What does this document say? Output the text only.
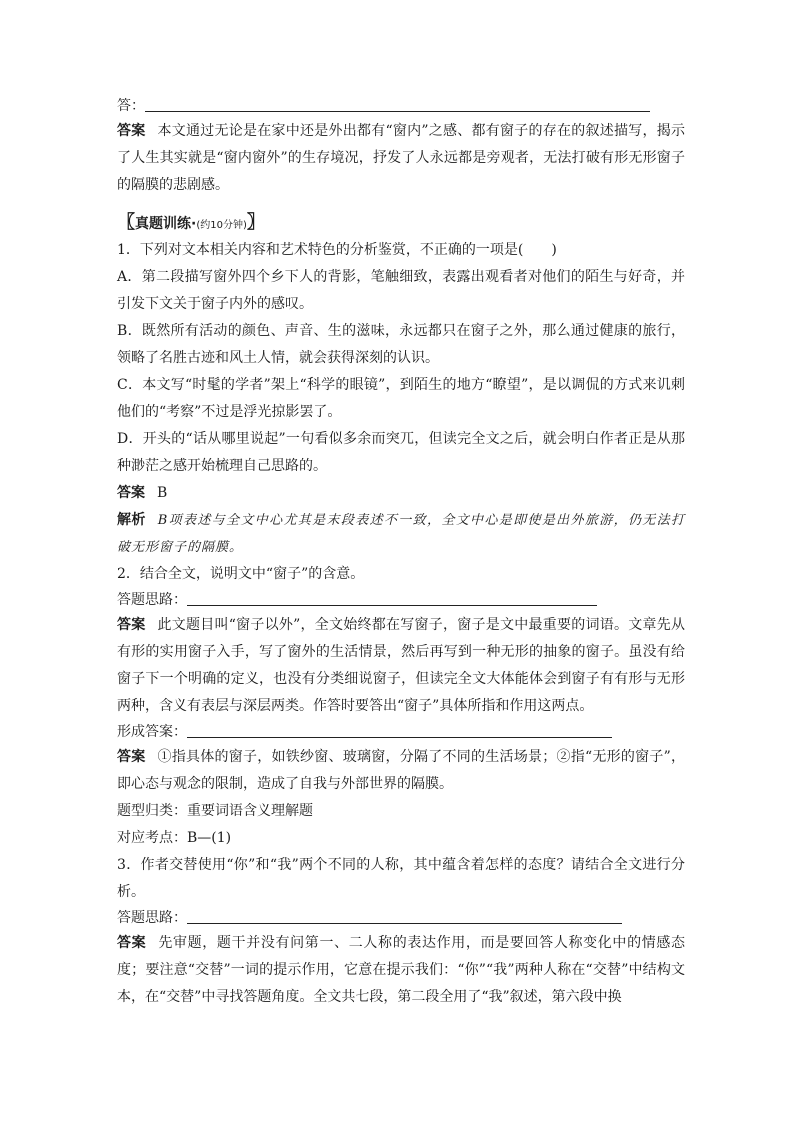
答：
答案 本文通过无论是在家中还是外出都有“窗内”之感、都有窗子的存在的叙述描写，揭示了人生其实就是“窗内窗外”的生存境况，抒发了人永远都是旁观者，无法打破有形无形窗子的隔膜的悲剧感。
〖真题训练·(约10分钟)〗
1．下列对文本相关内容和艺术特色的分析鉴赏，不正确的一项是(　　)
A．第二段描写窗外四个乡下人的背影，笔触细致，表露出观看者对他们的陌生与好奇，并引发下文关于窗子内外的感叹。
B．既然所有活动的颜色、声音、生的滋味，永远都只在窗子之外，那么通过健康的旅行，领略了名胜古迹和风土人情，就会获得深刻的认识。
C．本文写“时髦的学者”架上“科学的眼镜”，到陌生的地方“瞭望”，是以调侃的方式来讥刺他们的“考察”不过是浮光掠影罢了。
D．开头的“话从哪里说起”一句看似多余而突兀，但读完全文之后，就会明白作者正是从那种渺茫之感开始梳理自己思路的。
答案 B
解析 B项表述与全文中心尤其是末段表述不一致，全文中心是即使是出外旅游，仍无法打破无形窗子的隔膜。
2．结合全文，说明文中“窗子”的含意。
答题思路：
答案 此文题目叫“窗子以外”，全文始终都在写窗子，窗子是文中最重要的词语。文章先从有形的实用窗子入手，写了窗外的生活情景，然后再写到一种无形的抽象的窗子。虽没有给窗子下一个明确的定义，也没有分类细说窗子，但读完全文大体能体会到窗子有有形与无形两种，含义有表层与深层两类。作答时要答出“窗子”具体所指和作用这两点。
形成答案：
答案 ①指具体的窗子，如铁纱窗、玻璃窗，分隔了不同的生活场景；②指“无形的窗子”，即心态与观念的限制，造成了自我与外部世界的隔膜。
题型归类：重要词语含义理解题
对应考点：B—(1)
3．作者交替使用“你”和“我”两个不同的人称，其中蕴含着怎样的态度？请结合全文进行分析。
答题思路：
答案 先审题，题干并没有问第一、二人称的表达作用，而是要回答人称变化中的情感态度；要注意“交替”一词的提示作用，它意在提示我们：“你”“我”两种人称在“交替”中结构文本，在“交替”中寻找答题角度。全文共七段，第二段全用了“我”叙述，第六段中换
